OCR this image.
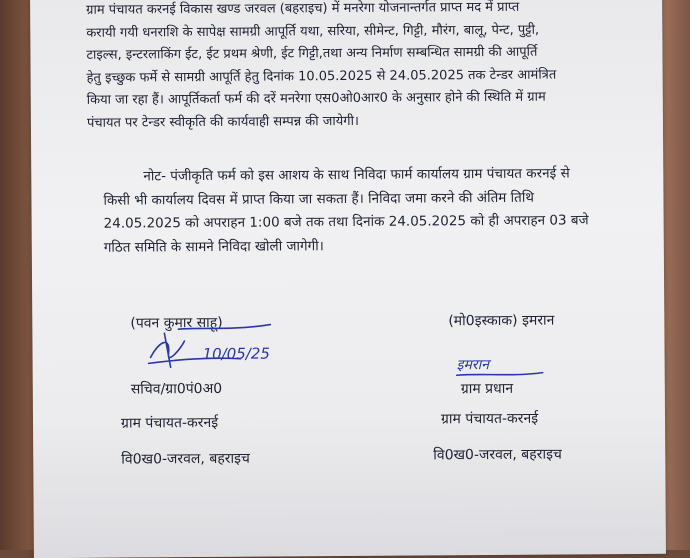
ग्राम पंचायत करनई विकास खण्ड जरवल (बहराइच) में मनरेगा योजनान्तर्गत प्राप्त मद में प्राप्त
करायी गयी धनराशि के सापेक्ष सामग्री आपूर्ति यथा, सरिया, सीमेन्ट, गिट्टी, मौरंग, बालू, पेन्ट, पुट्टी,
टाइल्स, इन्टरलाकिंग ईट, ईट प्रथम श्रेणी, ईट गिट्टी,तथा अन्य निर्माण सम्बन्धित सामग्री की आपूर्ति
हेतु इच्छुक फर्मे से सामग्री आपूर्ति हेतु दिनांक 10.05.2025 से 24.05.2025 तक टेन्डर आमंत्रित
किया जा रहा हैं। आपूर्तिकर्ता फर्म की दरें मनरेगा एस0ओ0आर0 के अनुसार होने की स्थिति में ग्राम
पंचायत पर टेन्डर स्वीकृति की कार्यवाही सम्पन्न की जायेगी।
नोट- पंजीकृति फर्म को इस आशय के साथ निविदा फार्म कार्यालय ग्राम पंचायत करनई से
किसी भी कार्यालय दिवस में प्राप्त किया जा सकता हैं। निविदा जमा करने की अंतिम तिथि
24.05.2025 को अपराहन 1:00 बजे तक तथा दिनांक 24.05.2025 को ही अपराहन 03 बजे
गठित समिति के सामने निविदा खोली जागेगी।
(पवन कुमार साहू)
10/05/25
सचिव/ग्रा0पं0अ0
ग्राम पंचायत-करनई
वि0ख0-जरवल, बहराइच
(मो0इस्काक) इमरान
इमरान
ग्राम प्रधान
ग्राम पंचायत-करनई
वि0ख0-जरवल, बहराइच
